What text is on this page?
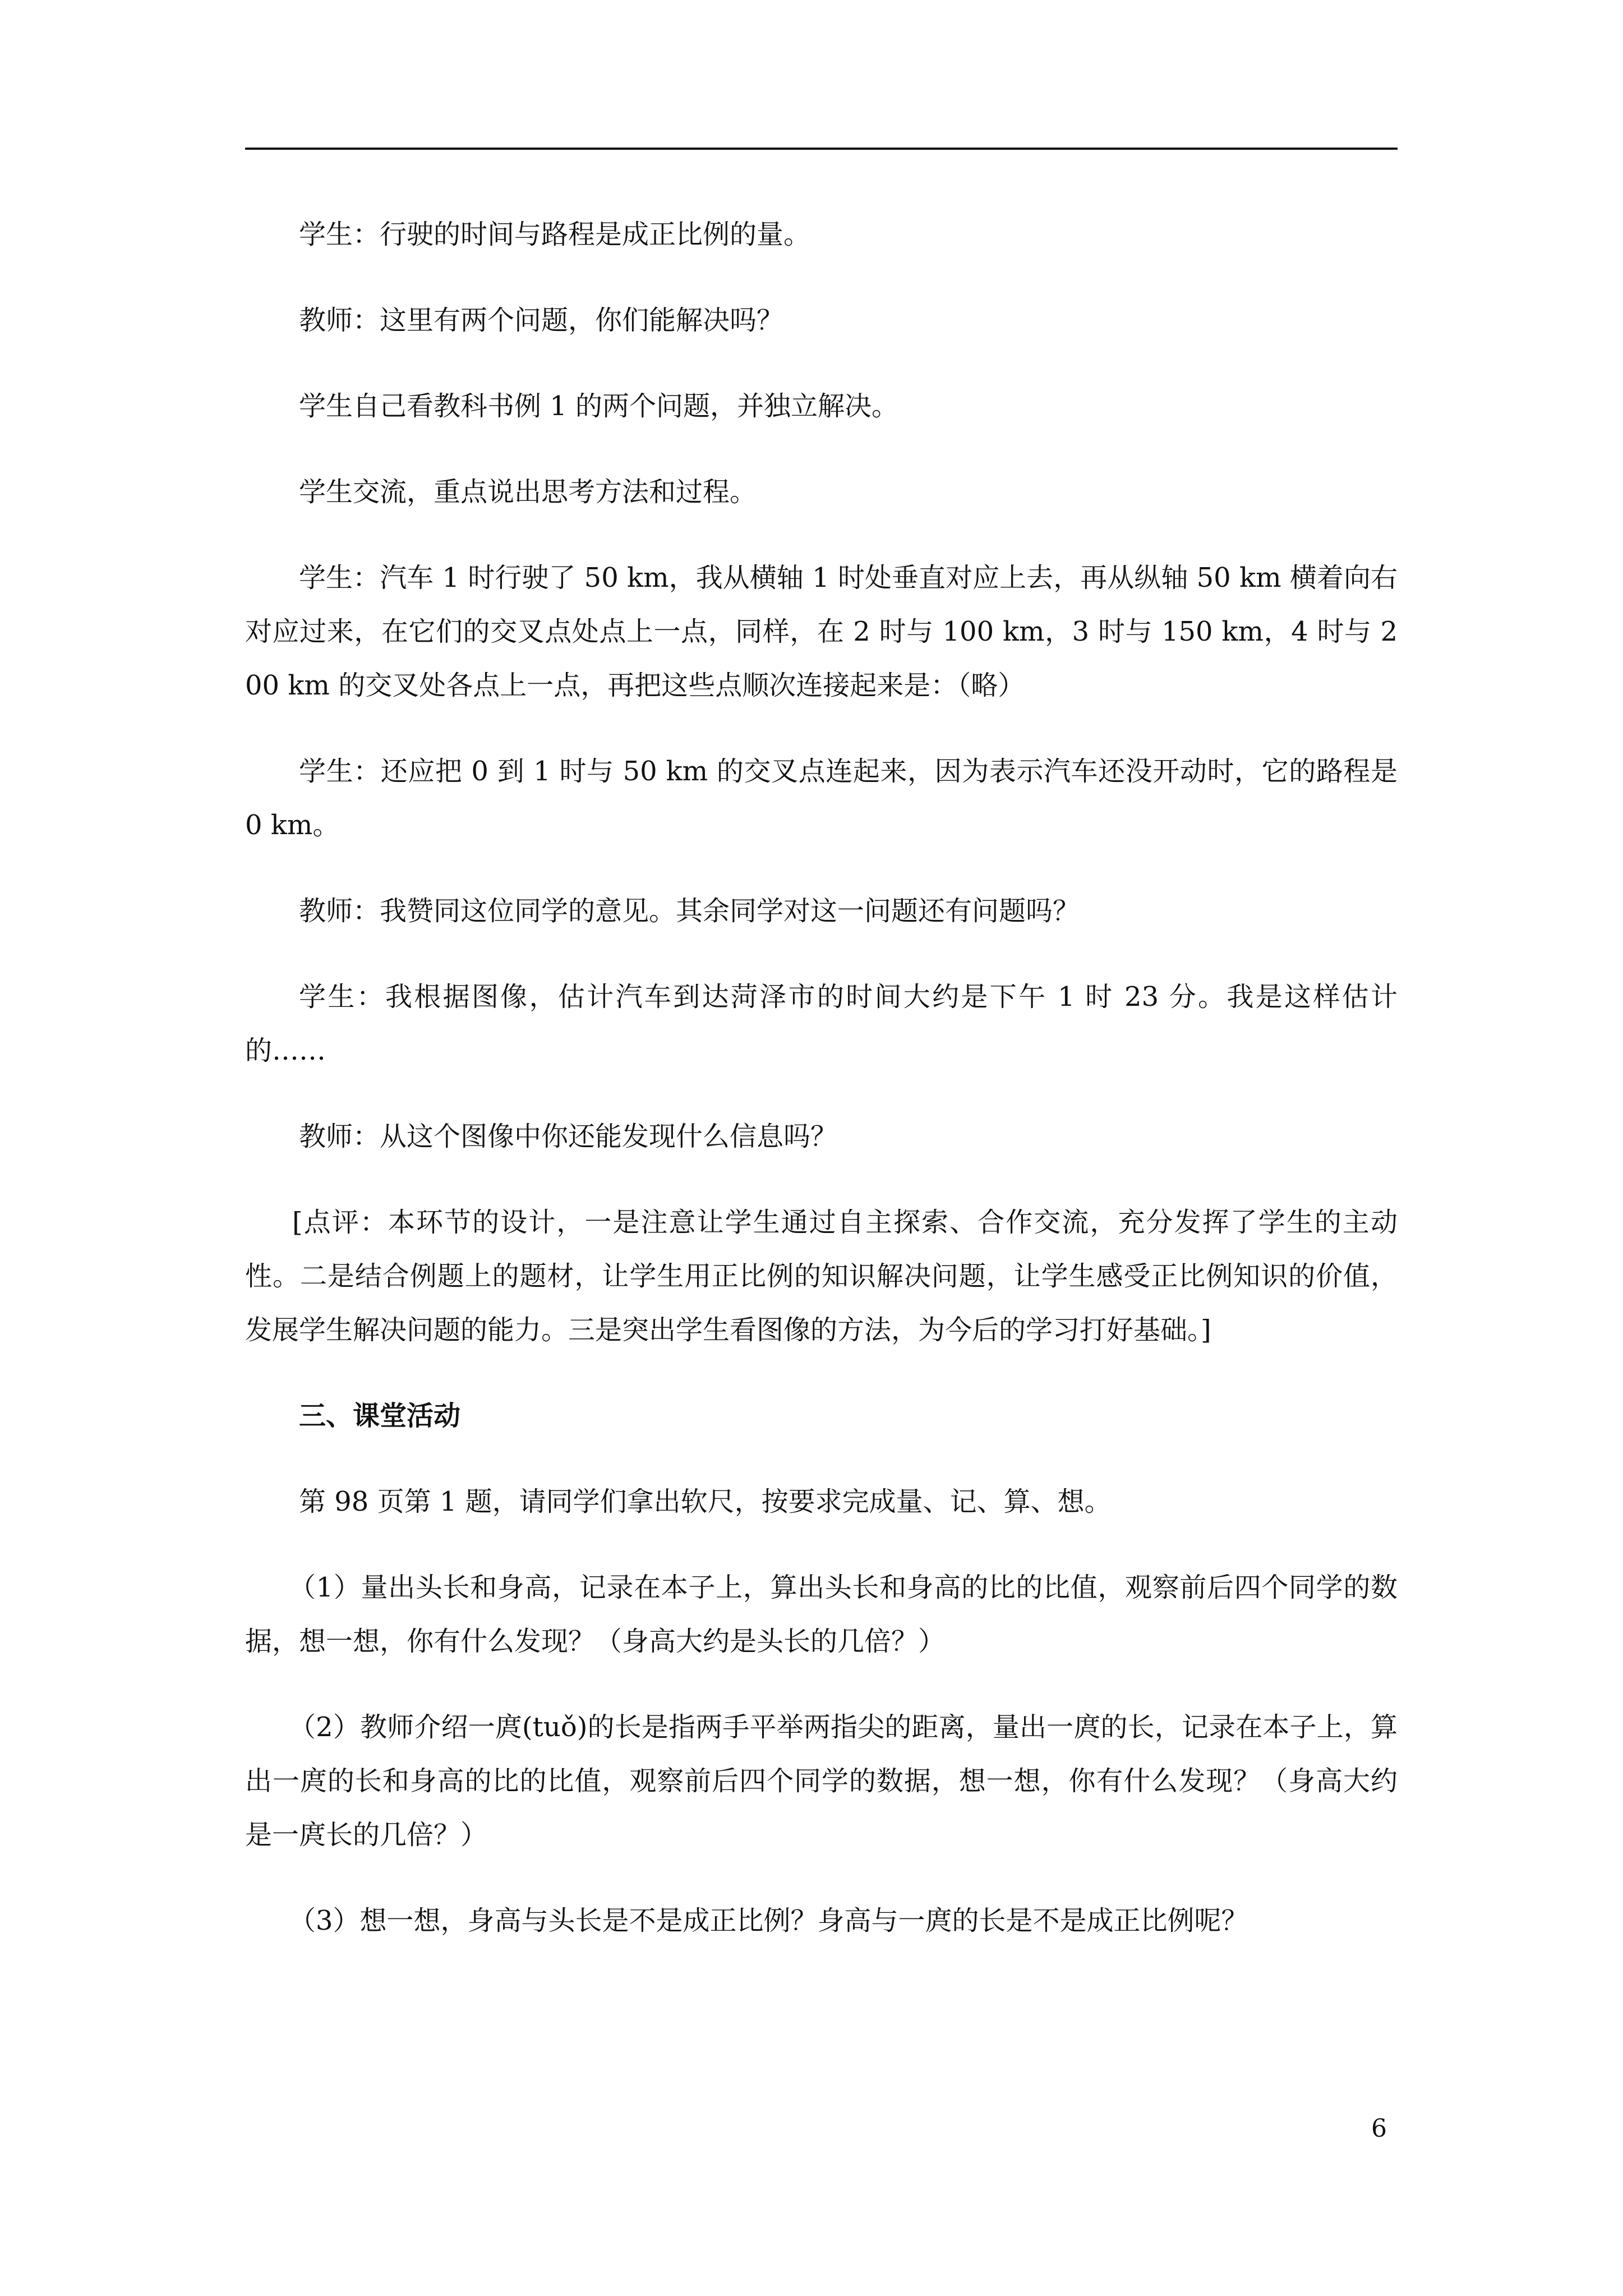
学生：行驶的时间与路程是成正比例的量。

教师：这里有两个问题，你们能解决吗？

学生自己看教科书例 1 的两个问题，并独立解决。

学生交流，重点说出思考方法和过程。

学生：汽车 1 时行驶了 50 km，我从横轴 1 时处垂直对应上去，再从纵轴 50 km 横着向右对应过来，在它们的交叉点处点上一点，同样，在 2 时与 100 km，3 时与 150 km，4 时与 200 km 的交叉处各点上一点，再把这些点顺次连接起来是：（略）

学生：还应把 0 到 1 时与 50 km 的交叉点连起来，因为表示汽车还没开动时，它的路程是 0 km。

教师：我赞同这位同学的意见。其余同学对这一问题还有问题吗？

学生：我根据图像，估计汽车到达菏泽市的时间大约是下午 1 时 23 分。我是这样估计的……

教师：从这个图像中你还能发现什么信息吗？

[点评：本环节的设计，一是注意让学生通过自主探索、合作交流，充分发挥了学生的主动性。二是结合例题上的题材，让学生用正比例的知识解决问题，让学生感受正比例知识的价值，发展学生解决问题的能力。三是突出学生看图像的方法，为今后的学习打好基础。]

三、课堂活动

第 98 页第 1 题，请同学们拿出软尺，按要求完成量、记、算、想。

（1）量出头长和身高，记录在本子上，算出头长和身高的比的比值，观察前后四个同学的数据，想一想，你有什么发现？（身高大约是头长的几倍？）

（2）教师介绍一庹(tuǒ)的长是指两手平举两指尖的距离，量出一庹的长，记录在本子上，算出一庹的长和身高的比的比值，观察前后四个同学的数据，想一想，你有什么发现？（身高大约是一庹长的几倍？）

（3）想一想，身高与头长是不是成正比例？身高与一庹的长是不是成正比例呢？

6
